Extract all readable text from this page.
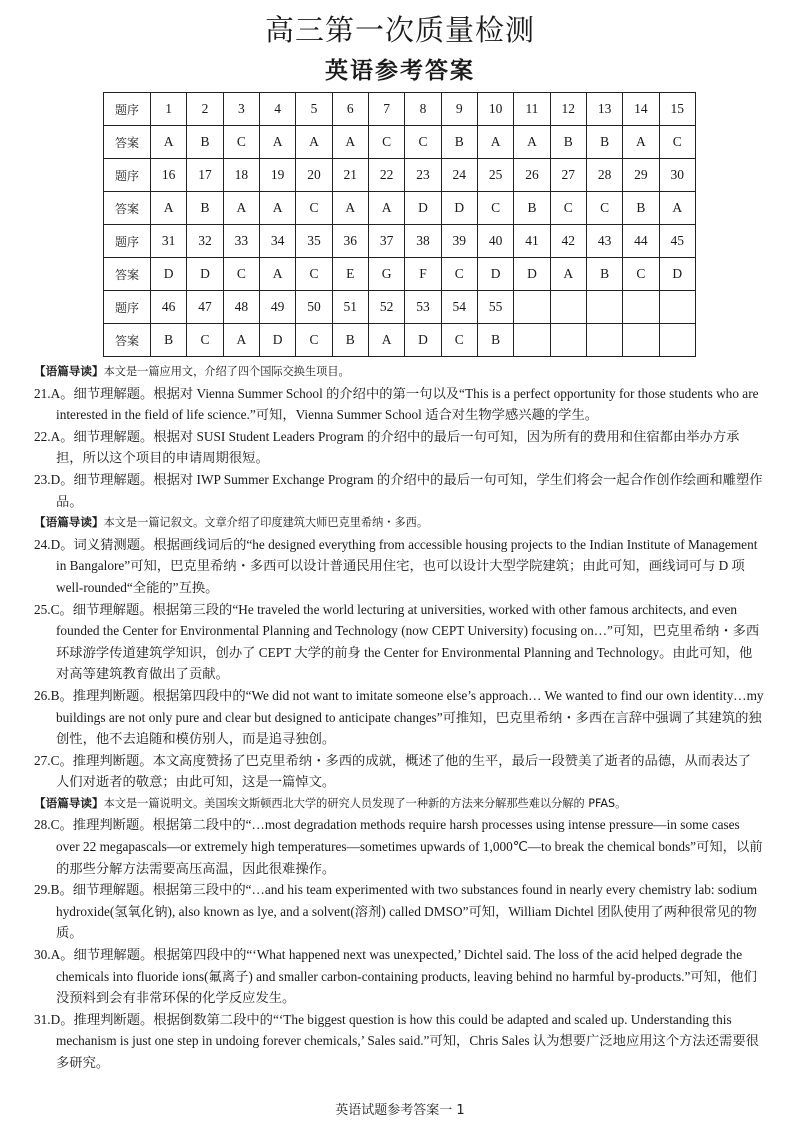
高三第一次质量检测
英语参考答案
题序	1	2	3	4	5	6	7	8	9	10	11	12	13	14	15
答案	A	B	C	A	A	A	C	C	B	A	A	B	B	A	C
题序	16	17	18	19	20	21	22	23	24	25	26	27	28	29	30
答案	A	B	A	A	C	A	A	D	D	C	B	C	C	B	A
题序	31	32	33	34	35	36	37	38	39	40	41	42	43	44	45
答案	D	D	C	A	C	E	G	F	C	D	D	A	B	C	D
题序	46	47	48	49	50	51	52	53	54	55					
答案	B	C	A	D	C	B	A	D	C	B					
【语篇导读】本文是一篇应用文，介绍了四个国际交换生项目。
21.A。细节理解题。根据对 Vienna Summer School 的介绍中的第一句以及“This is a perfect opportunity for those students who are interested in the field of life science.”可知，Vienna Summer School 适合对生物学感兴趣的学生。
22.A。细节理解题。根据对 SUSI Student Leaders Program 的介绍中的最后一句可知，因为所有的费用和住宿都由举办方承担，所以这个项目的申请周期很短。
23.D。细节理解题。根据对 IWP Summer Exchange Program 的介绍中的最后一句可知，学生们将会一起合作创作绘画和雕塑作品。
【语篇导读】本文是一篇记叙文。文章介绍了印度建筑大师巴克里希纳・多西。
24.D。词义猜测题。根据画线词后的“he designed everything from accessible housing projects to the Indian Institute of Management in Bangalore”可知，巴克里希纳・多西可以设计普通民用住宅，也可以设计大型学院建筑；由此可知，画线词可与 D 项 well-rounded“全能的”互换。
25.C。细节理解题。根据第三段的“He traveled the world lecturing at universities, worked with other famous architects, and even founded the Center for Environmental Planning and Technology (now CEPT University) focusing on…”可知，巴克里希纳・多西环球游学传道建筑学知识，创办了 CEPT 大学的前身 the Center for Environmental Planning and Technology。由此可知，他对高等建筑教育做出了贡献。
26.B。推理判断题。根据第四段中的“We did not want to imitate someone else’s approach… We wanted to find our own identity…my buildings are not only pure and clear but designed to anticipate changes”可推知，巴克里希纳・多西在言辞中强调了其建筑的独创性，他不去追随和模仿别人，而是追寻独创。
27.C。推理判断题。本文高度赞扬了巴克里希纳・多西的成就，概述了他的生平，最后一段赞美了逝者的品德，从而表达了人们对逝者的敬意；由此可知，这是一篇悼文。
【语篇导读】本文是一篇说明文。美国埃文斯顿西北大学的研究人员发现了一种新的方法来分解那些难以分解的 PFAS。
28.C。推理判断题。根据第二段中的“…most degradation methods require harsh processes using intense pressure—in some cases over 22 megapascals—or extremely high temperatures—sometimes upwards of 1,000℃—to break the chemical bonds”可知，以前的那些分解方法需要高压高温，因此很难操作。
29.B。细节理解题。根据第三段中的“…and his team experimented with two substances found in nearly every chemistry lab: sodium hydroxide(氢氧化钠), also known as lye, and a solvent(溶剂) called DMSO”可知，William Dichtel 团队使用了两种很常见的物质。
30.A。细节理解题。根据第四段中的“‘What happened next was unexpected,’ Dichtel said. The loss of the acid helped degrade the chemicals into fluoride ions(氟离子) and smaller carbon-containing products, leaving behind no harmful by-products.”可知，他们没预料到会有非常环保的化学反应发生。
31.D。推理判断题。根据倒数第二段中的“‘The biggest question is how this could be adapted and scaled up. Understanding this mechanism is just one step in undoing forever chemicals,’ Sales said.”可知，Chris Sales 认为想要广泛地应用这个方法还需要很多研究。
英语试题参考答案一 1
